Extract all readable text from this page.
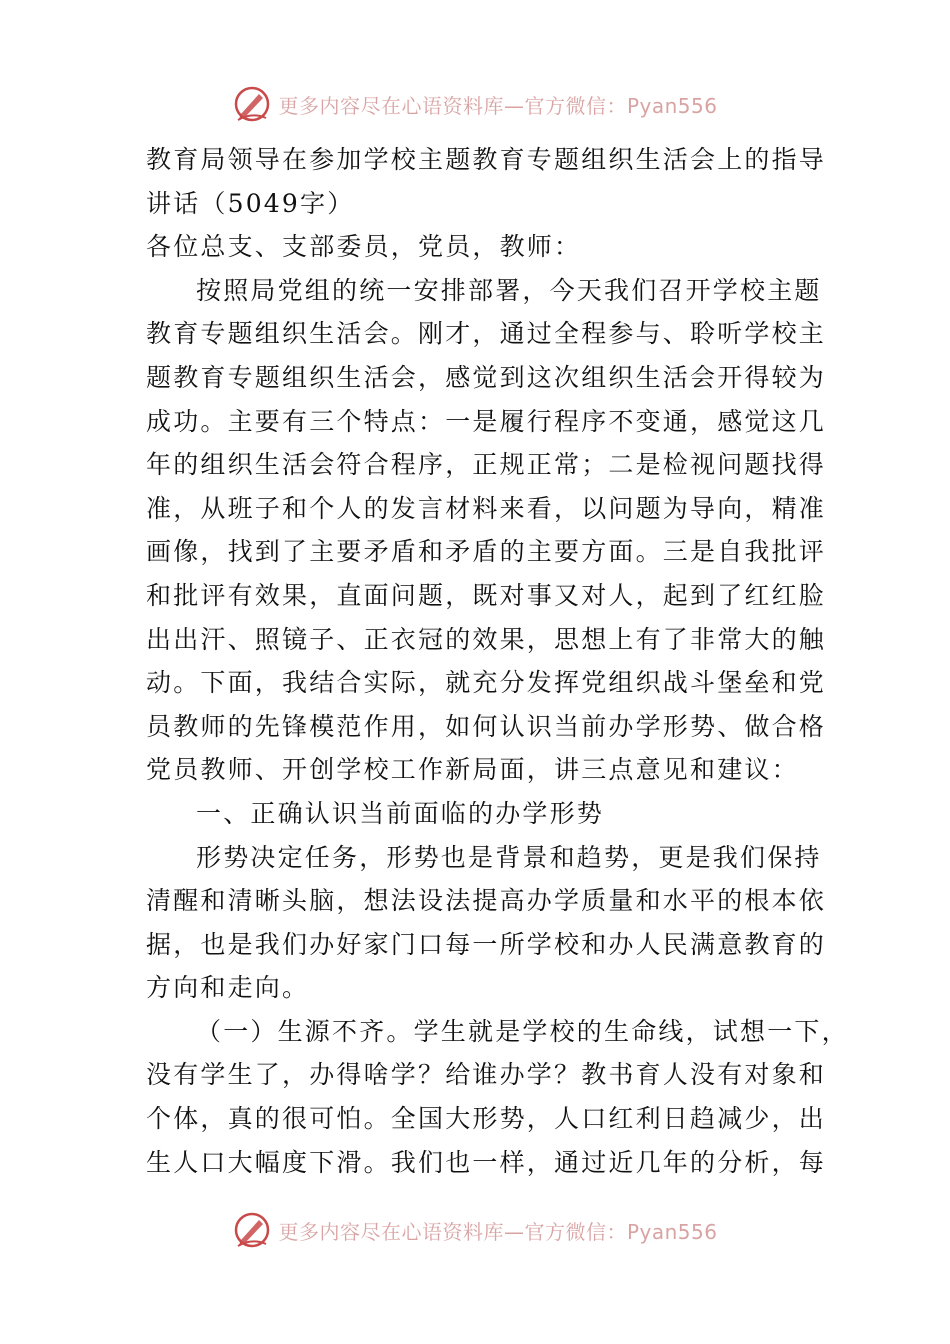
更多内容尽在心语资料库—官方微信：Pyan556
教育局领导在参加学校主题教育专题组织生活会上的指导
讲话（5049字）
各位总支、支部委员，党员，教师：
按照局党组的统一安排部署，今天我们召开学校主题
教育专题组织生活会。刚才，通过全程参与、聆听学校主
题教育专题组织生活会，感觉到这次组织生活会开得较为
成功。主要有三个特点：一是履行程序不变通，感觉这几
年的组织生活会符合程序，正规正常；二是检视问题找得
准，从班子和个人的发言材料来看，以问题为导向，精准
画像，找到了主要矛盾和矛盾的主要方面。三是自我批评
和批评有效果，直面问题，既对事又对人，起到了红红脸
出出汗、照镜子、正衣冠的效果，思想上有了非常大的触
动。下面，我结合实际，就充分发挥党组织战斗堡垒和党
员教师的先锋模范作用，如何认识当前办学形势、做合格
党员教师、开创学校工作新局面，讲三点意见和建议：
一、正确认识当前面临的办学形势
形势决定任务，形势也是背景和趋势，更是我们保持
清醒和清晰头脑，想法设法提高办学质量和水平的根本依
据，也是我们办好家门口每一所学校和办人民满意教育的
方向和走向。
（一）生源不齐。学生就是学校的生命线，试想一下，
没有学生了，办得啥学？给谁办学？教书育人没有对象和
个体，真的很可怕。全国大形势，人口红利日趋减少，出
生人口大幅度下滑。我们也一样，通过近几年的分析，每
更多内容尽在心语资料库—官方微信：Pyan556
